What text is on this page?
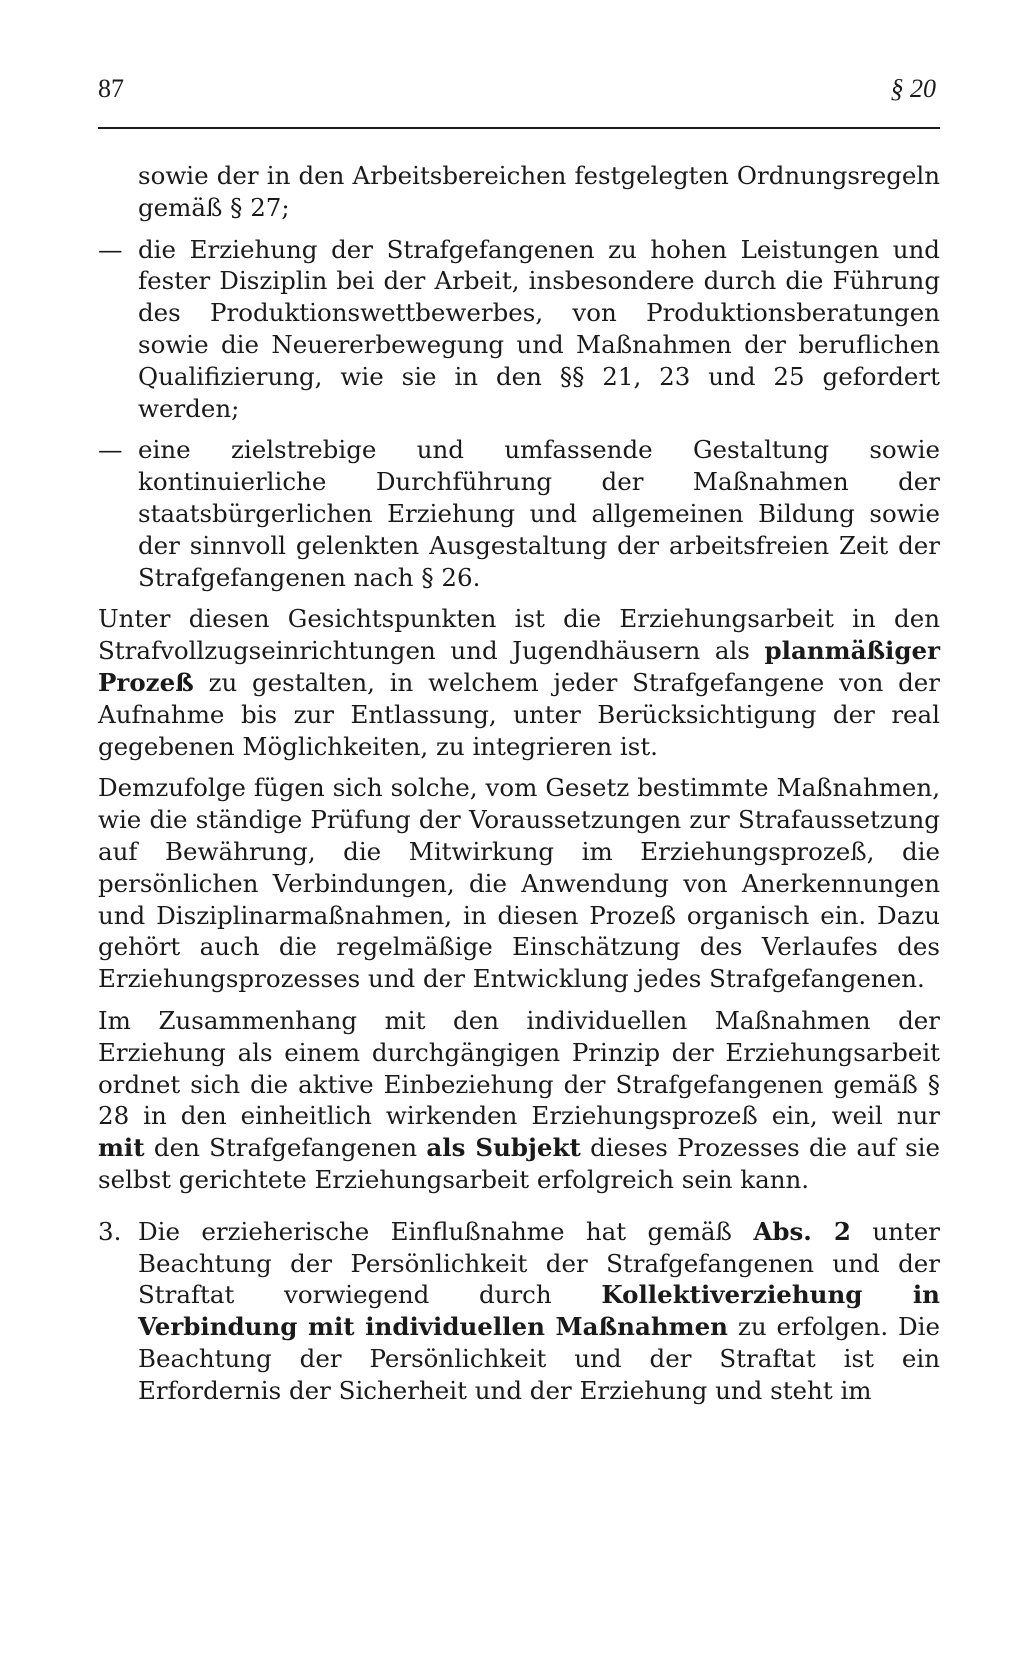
87	§ 20

sowie der in den Arbeitsbereichen festgelegten Ordnungsregeln gemäß § 27;

— die Erziehung der Strafgefangenen zu hohen Leistungen und fester Disziplin bei der Arbeit, insbesondere durch die Führung des Produktionswettbewerbes, von Produktionsberatungen sowie die Neuererbewegung und Maßnahmen der beruflichen Qualifizierung, wie sie in den §§ 21, 23 und 25 gefordert werden;
— eine zielstrebige und umfassende Gestaltung sowie kontinuierliche Durchführung der Maßnahmen der staatsbürgerlichen Erziehung und allgemeinen Bildung sowie der sinnvoll gelenkten Ausgestaltung der arbeitsfreien Zeit der Strafgefangenen nach § 26.

Unter diesen Gesichtspunkten ist die Erziehungsarbeit in den Strafvollzugseinrichtungen und Jugendhäusern als planmäßiger Prozeß zu gestalten, in welchem jeder Strafgefangene von der Aufnahme bis zur Entlassung, unter Berücksichtigung der real gegebenen Möglichkeiten, zu integrieren ist.

Demzufolge fügen sich solche, vom Gesetz bestimmte Maßnahmen, wie die ständige Prüfung der Voraussetzungen zur Strafaussetzung auf Bewährung, die Mitwirkung im Erziehungsprozeß, die persönlichen Verbindungen, die Anwendung von Anerkennungen und Disziplinarmaßnahmen, in diesen Prozeß organisch ein. Dazu gehört auch die regelmäßige Einschätzung des Verlaufes des Erziehungsprozesses und der Entwicklung jedes Strafgefangenen.

Im Zusammenhang mit den individuellen Maßnahmen der Erziehung als einem durchgängigen Prinzip der Erziehungsarbeit ordnet sich die aktive Einbeziehung der Strafgefangenen gemäß § 28 in den einheitlich wirkenden Erziehungsprozeß ein, weil nur mit den Strafgefangenen als Subjekt dieses Prozesses die auf sie selbst gerichtete Erziehungsarbeit erfolgreich sein kann.

3. Die erzieherische Einflußnahme hat gemäß Abs. 2 unter Beachtung der Persönlichkeit der Strafgefangenen und der Straftat vorwiegend durch Kollektiverziehung in Verbindung mit individuellen Maßnahmen zu erfolgen. Die Beachtung der Persönlichkeit und der Straftat ist ein Erfordernis der Sicherheit und der Erziehung und steht im
